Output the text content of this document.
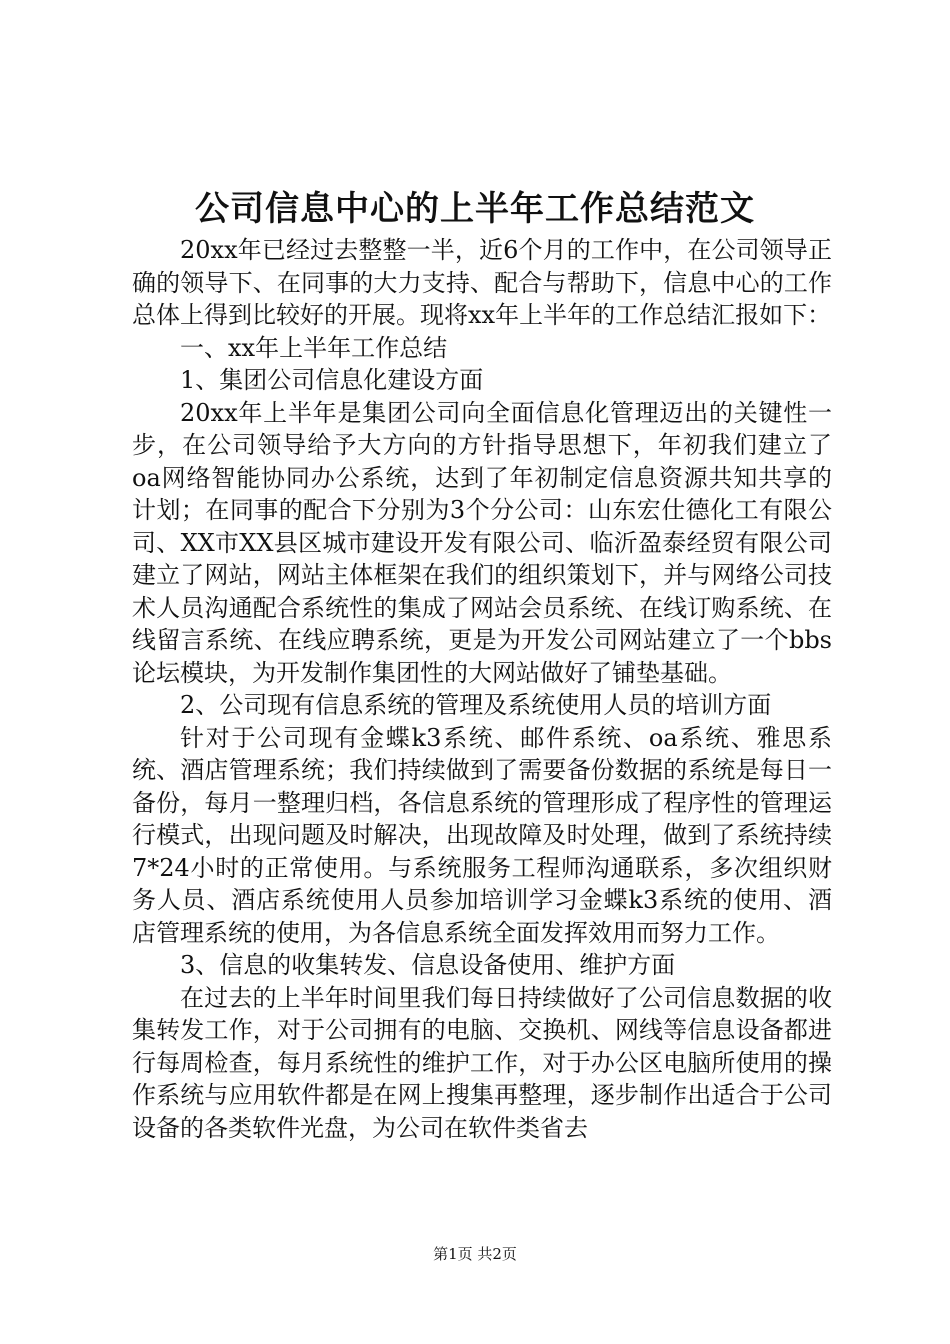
公司信息中心的上半年工作总结范文

20xx年已经过去整整一半，近6个月的工作中，在公司领导正确的领导下、在同事的大力支持、配合与帮助下，信息中心的工作总体上得到比较好的开展。现将xx年上半年的工作总结汇报如下：

一、xx年上半年工作总结

1、集团公司信息化建设方面

20xx年上半年是集团公司向全面信息化管理迈出的关键性一步，在公司领导给予大方向的方针指导思想下，年初我们建立了oa网络智能协同办公系统，达到了年初制定信息资源共知共享的计划；在同事的配合下分别为3个分公司：山东宏仕德化工有限公司、XX市XX县区城市建设开发有限公司、临沂盈泰经贸有限公司建立了网站，网站主体框架在我们的组织策划下，并与网络公司技术人员沟通配合系统性的集成了网站会员系统、在线订购系统、在线留言系统、在线应聘系统，更是为开发公司网站建立了一个bbs论坛模块，为开发制作集团性的大网站做好了铺垫基础。

2、公司现有信息系统的管理及系统使用人员的培训方面

针对于公司现有金蝶k3系统、邮件系统、oa系统、雅思系统、酒店管理系统；我们持续做到了需要备份数据的系统是每日一备份，每月一整理归档，各信息系统的管理形成了程序性的管理运行模式，出现问题及时解决，出现故障及时处理，做到了系统持续7*24小时的正常使用。与系统服务工程师沟通联系，多次组织财务人员、酒店系统使用人员参加培训学习金蝶k3系统的使用、酒店管理系统的使用，为各信息系统全面发挥效用而努力工作。

3、信息的收集转发、信息设备使用、维护方面

在过去的上半年时间里我们每日持续做好了公司信息数据的收集转发工作，对于公司拥有的电脑、交换机、网线等信息设备都进行每周检查，每月系统性的维护工作，对于办公区电脑所使用的操作系统与应用软件都是在网上搜集再整理，逐步制作出适合于公司设备的各类软件光盘，为公司在软件类省去

第1页 共2页
